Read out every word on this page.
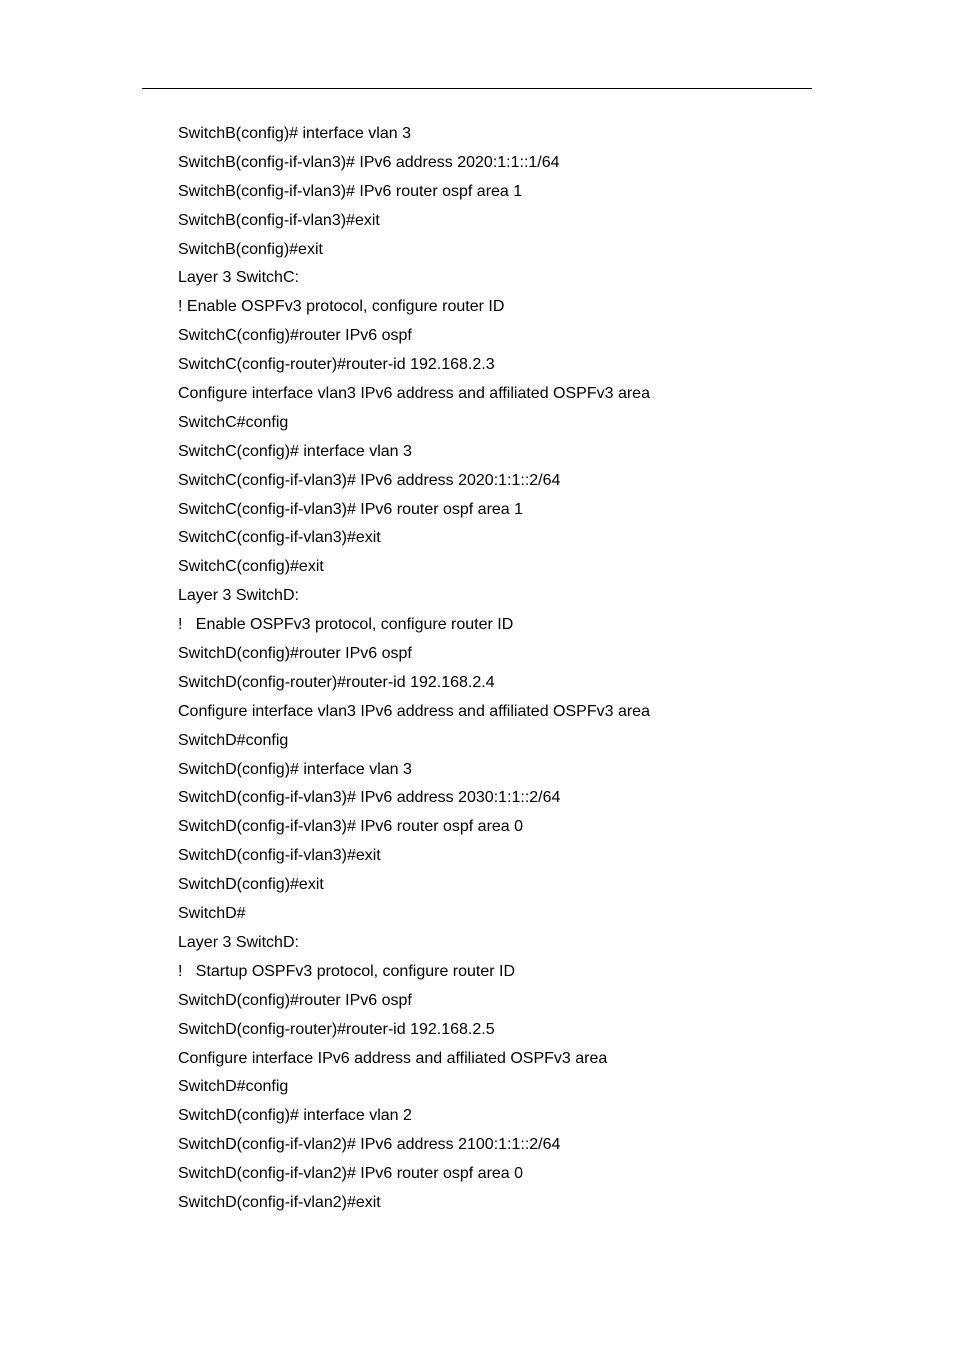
SwitchB(config)# interface vlan 3
SwitchB(config-if-vlan3)# IPv6 address 2020:1:1::1/64
SwitchB(config-if-vlan3)# IPv6 router ospf area 1
SwitchB(config-if-vlan3)#exit
SwitchB(config)#exit
Layer 3 SwitchC:
! Enable OSPFv3 protocol, configure router ID
SwitchC(config)#router IPv6 ospf
SwitchC(config-router)#router-id 192.168.2.3
Configure interface vlan3 IPv6 address and affiliated OSPFv3 area
SwitchC#config
SwitchC(config)# interface vlan 3
SwitchC(config-if-vlan3)# IPv6 address 2020:1:1::2/64
SwitchC(config-if-vlan3)# IPv6 router ospf area 1
SwitchC(config-if-vlan3)#exit
SwitchC(config)#exit
Layer 3 SwitchD:
!   Enable OSPFv3 protocol, configure router ID
SwitchD(config)#router IPv6 ospf
SwitchD(config-router)#router-id 192.168.2.4
Configure interface vlan3 IPv6 address and affiliated OSPFv3 area
SwitchD#config
SwitchD(config)# interface vlan 3
SwitchD(config-if-vlan3)# IPv6 address 2030:1:1::2/64
SwitchD(config-if-vlan3)# IPv6 router ospf area 0
SwitchD(config-if-vlan3)#exit
SwitchD(config)#exit
SwitchD#
Layer 3 SwitchD:
!   Startup OSPFv3 protocol, configure router ID
SwitchD(config)#router IPv6 ospf
SwitchD(config-router)#router-id 192.168.2.5
Configure interface IPv6 address and affiliated OSPFv3 area
SwitchD#config
SwitchD(config)# interface vlan 2
SwitchD(config-if-vlan2)# IPv6 address 2100:1:1::2/64
SwitchD(config-if-vlan2)# IPv6 router ospf area 0
SwitchD(config-if-vlan2)#exit
